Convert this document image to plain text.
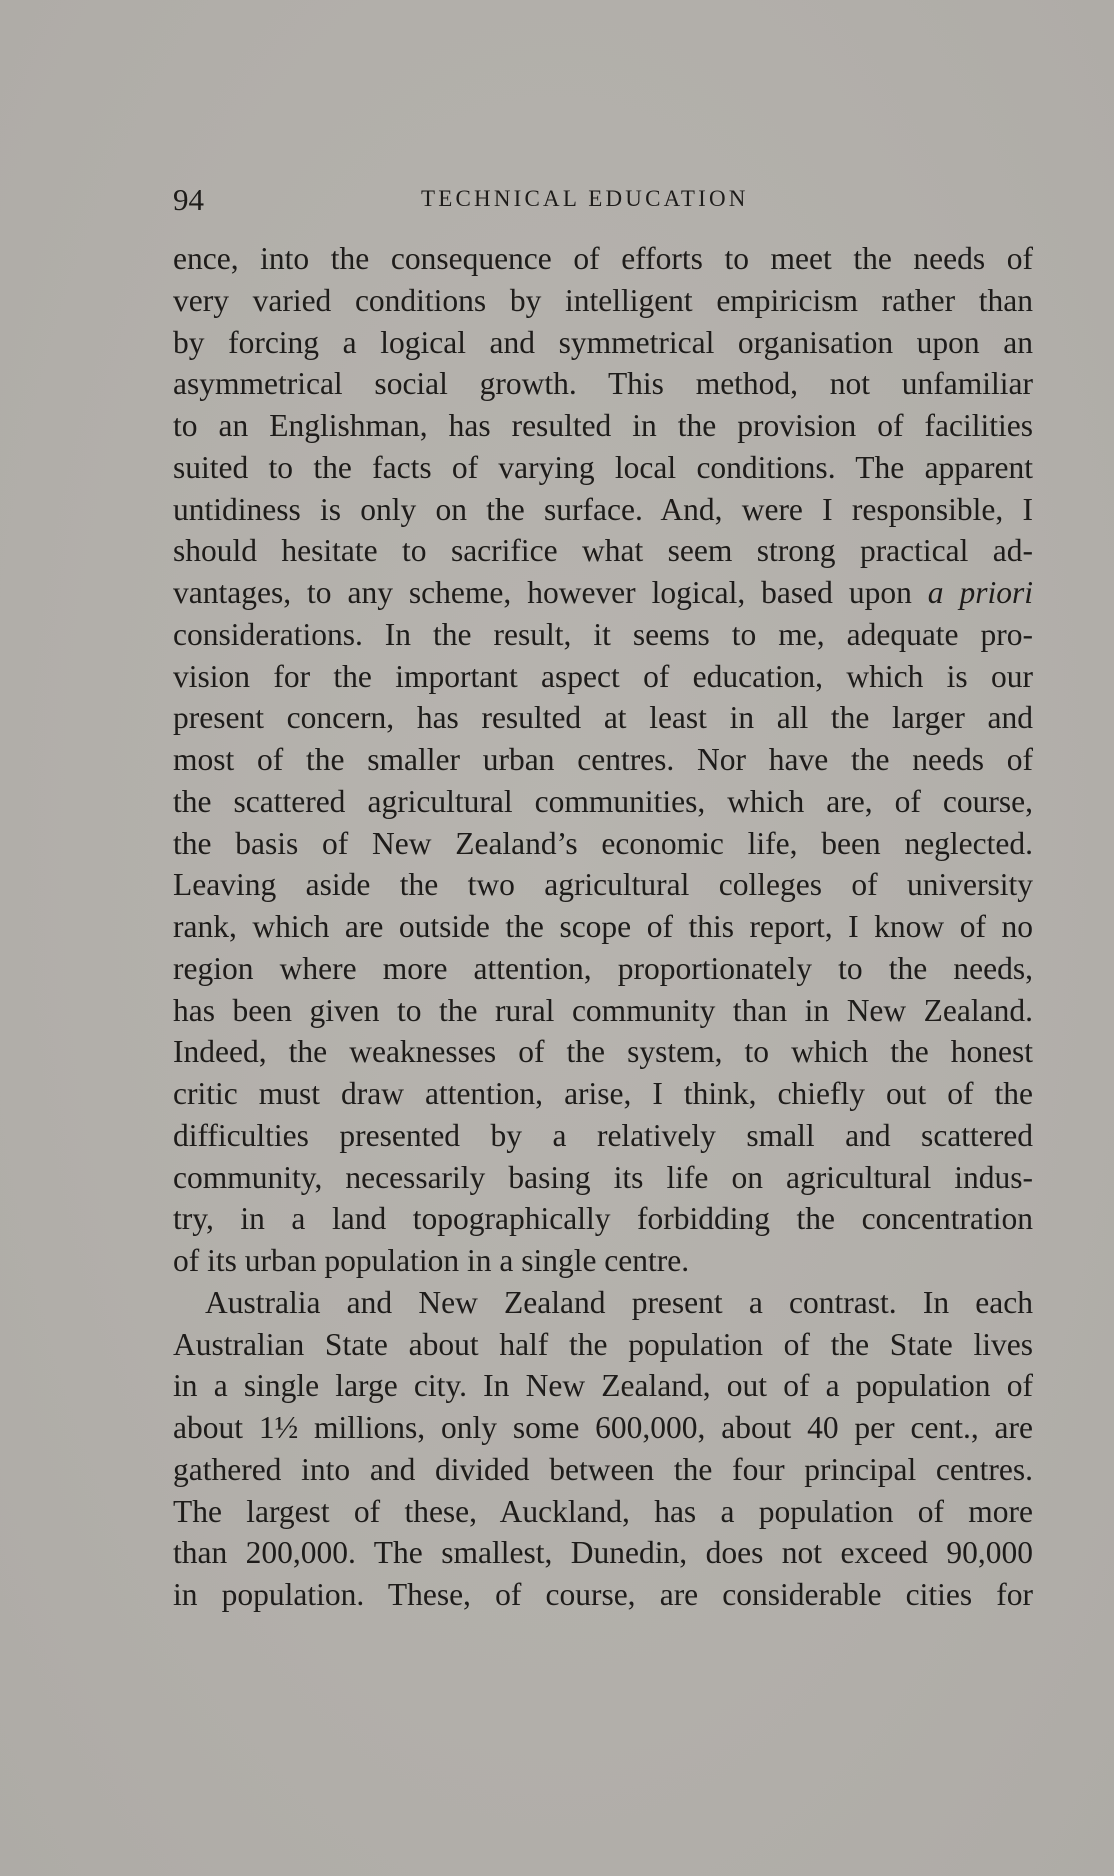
94	TECHNICAL EDUCATION
ence, into the consequence of efforts to meet the needs of
very varied conditions by intelligent empiricism rather than
by forcing a logical and symmetrical organisation upon an
asymmetrical social growth. This method, not unfamiliar
to an Englishman, has resulted in the provision of facilities
suited to the facts of varying local conditions. The apparent
untidiness is only on the surface. And, were I responsible, I
should hesitate to sacrifice what seem strong practical ad-
vantages, to any scheme, however logical, based upon a priori
considerations. In the result, it seems to me, adequate pro-
vision for the important aspect of education, which is our
present concern, has resulted at least in all the larger and
most of the smaller urban centres. Nor have the needs of
the scattered agricultural communities, which are, of course,
the basis of New Zealand’s economic life, been neglected.
Leaving aside the two agricultural colleges of university
rank, which are outside the scope of this report, I know of no
region where more attention, proportionately to the needs,
has been given to the rural community than in New Zealand.
Indeed, the weaknesses of the system, to which the honest
critic must draw attention, arise, I think, chiefly out of the
difficulties presented by a relatively small and scattered
community, necessarily basing its life on agricultural indus-
try, in a land topographically forbidding the concentration
of its urban population in a single centre.
Australia and New Zealand present a contrast. In each
Australian State about half the population of the State lives
in a single large city. In New Zealand, out of a population of
about 1½ millions, only some 600,000, about 40 per cent., are
gathered into and divided between the four principal centres.
The largest of these, Auckland, has a population of more
than 200,000. The smallest, Dunedin, does not exceed 90,000
in population. These, of course, are considerable cities for
